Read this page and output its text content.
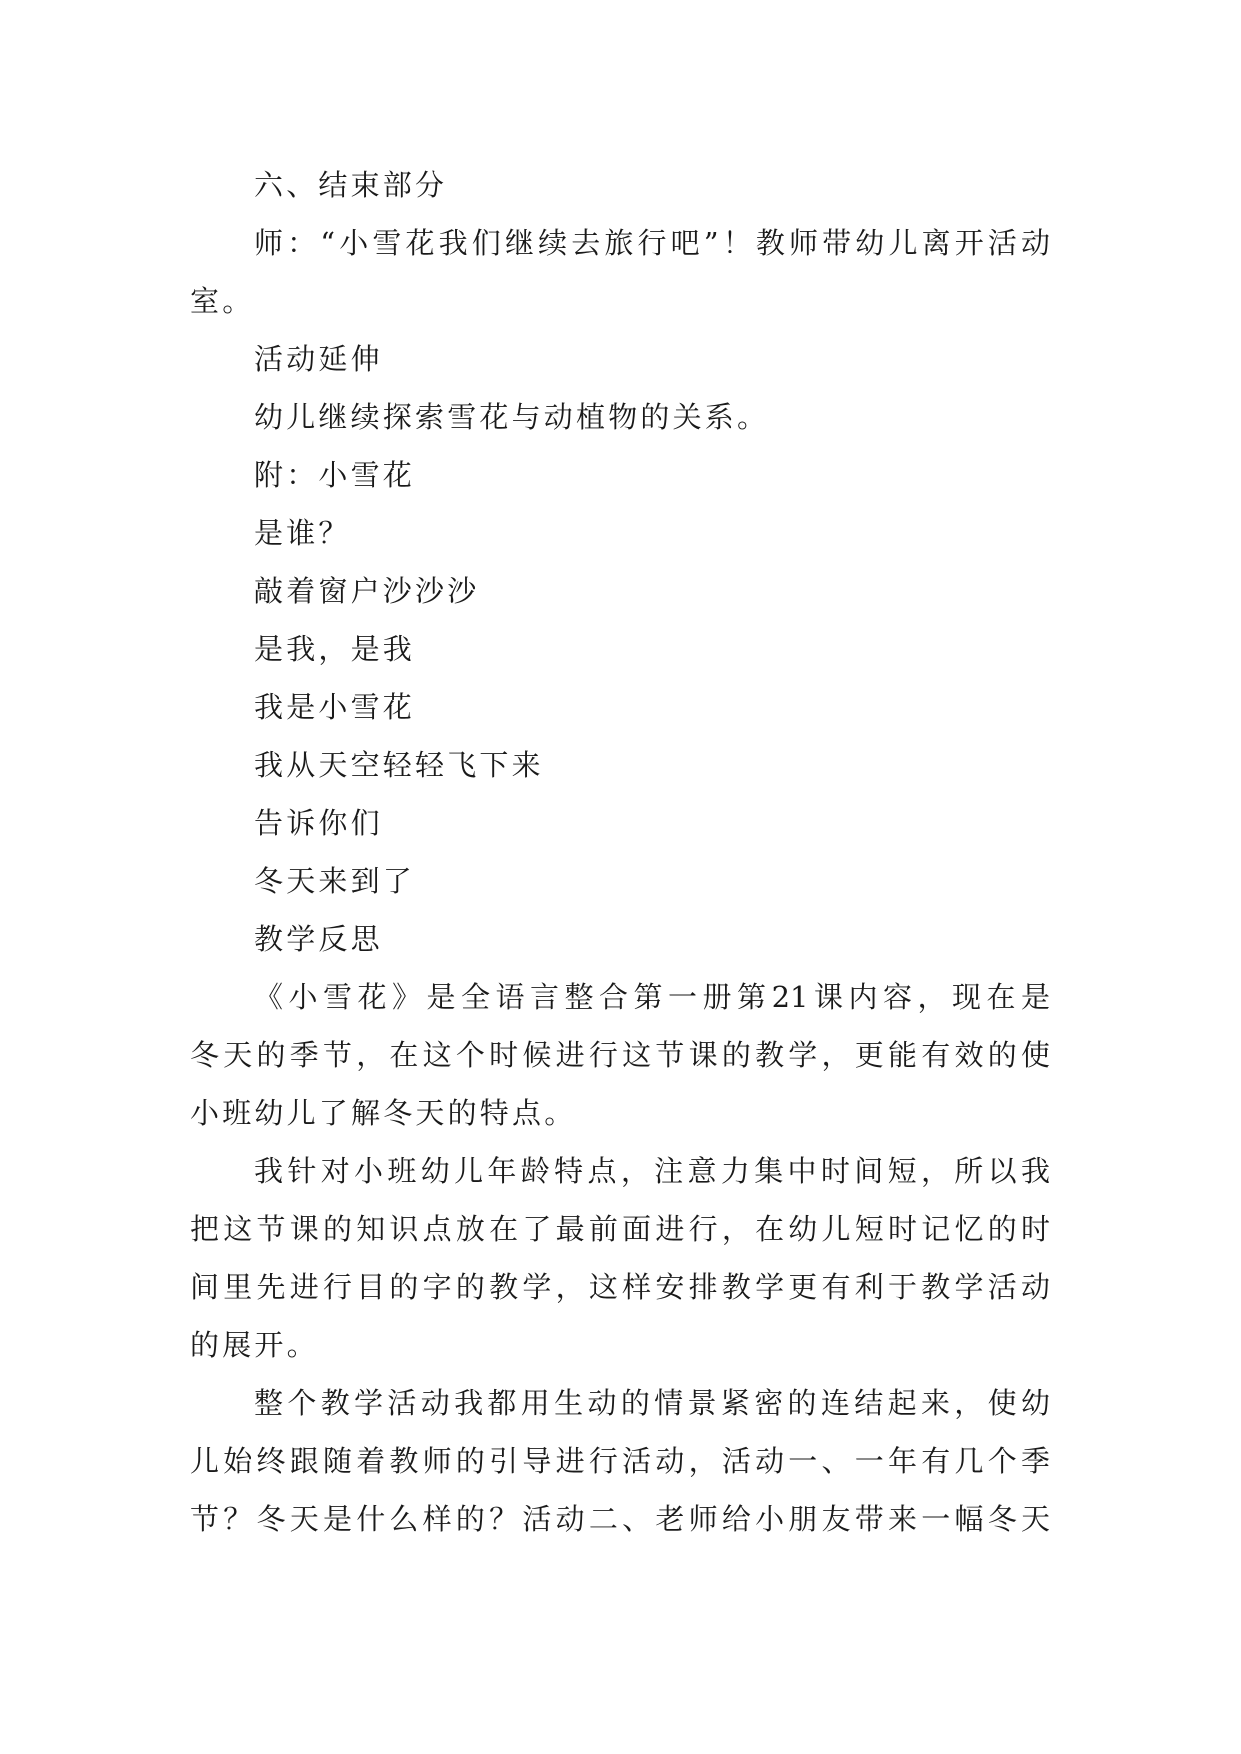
六、结束部分
师：“小雪花我们继续去旅行吧”！教师带幼儿离开活动
室。
活动延伸
幼儿继续探索雪花与动植物的关系。
附：小雪花
是谁？
敲着窗户沙沙沙
是我，是我
我是小雪花
我从天空轻轻飞下来
告诉你们
冬天来到了
教学反思
《小雪花》是全语言整合第一册第21课内容，现在是
冬天的季节，在这个时候进行这节课的教学，更能有效的使
小班幼儿了解冬天的特点。
我针对小班幼儿年龄特点，注意力集中时间短，所以我
把这节课的知识点放在了最前面进行，在幼儿短时记忆的时
间里先进行目的字的教学，这样安排教学更有利于教学活动
的展开。
整个教学活动我都用生动的情景紧密的连结起来，使幼
儿始终跟随着教师的引导进行活动，活动一、一年有几个季
节？冬天是什么样的？活动二、老师给小朋友带来一幅冬天
